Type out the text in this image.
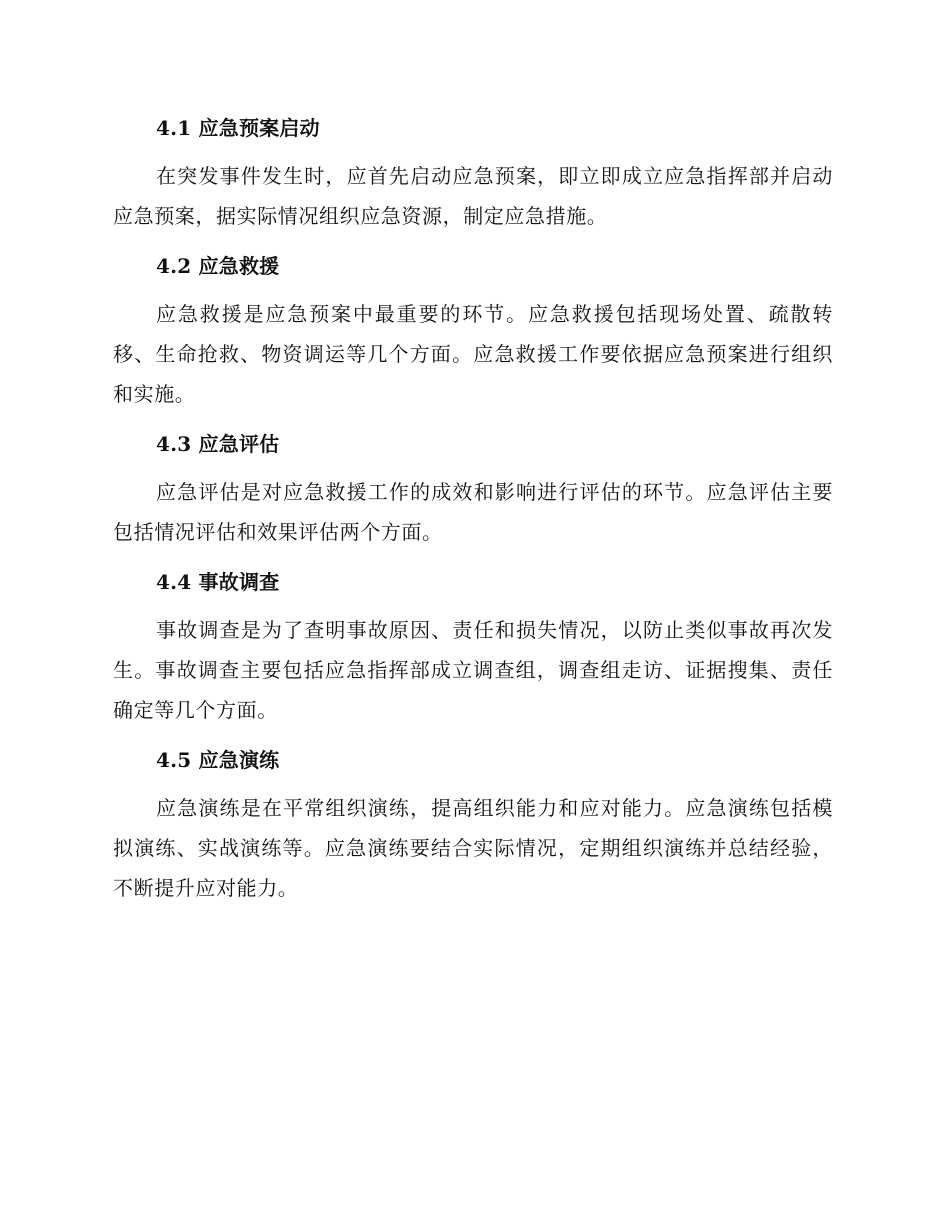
4.1 应急预案启动

在突发事件发生时，应首先启动应急预案，即立即成立应急指挥部并启动应急预案，据实际情况组织应急资源，制定应急措施。

4.2 应急救援

应急救援是应急预案中最重要的环节。应急救援包括现场处置、疏散转移、生命抢救、物资调运等几个方面。应急救援工作要依据应急预案进行组织和实施。

4.3 应急评估

应急评估是对应急救援工作的成效和影响进行评估的环节。应急评估主要包括情况评估和效果评估两个方面。

4.4 事故调查

事故调查是为了查明事故原因、责任和损失情况，以防止类似事故再次发生。事故调查主要包括应急指挥部成立调查组，调查组走访、证据搜集、责任确定等几个方面。

4.5 应急演练

应急演练是在平常组织演练，提高组织能力和应对能力。应急演练包括模拟演练、实战演练等。应急演练要结合实际情况，定期组织演练并总结经验，不断提升应对能力。
